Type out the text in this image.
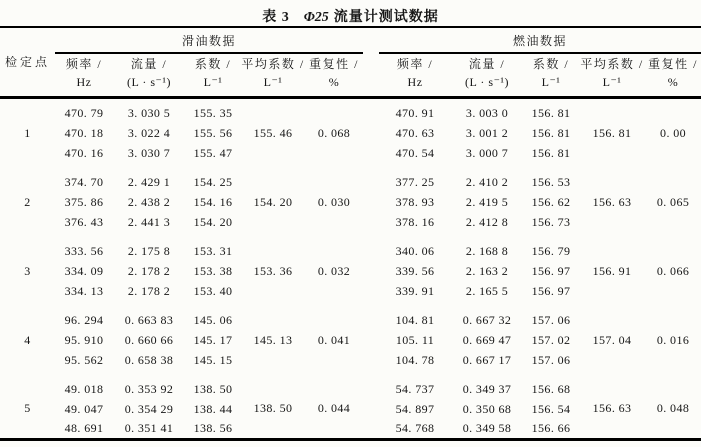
表 3 Φ25 流量计测试数据
检定点	滑油数据						燃油数据				
	频率 /	流量 /	系数 /	平均系数 /	重复性 /		频率 /	流量 /	系数 /	平均系数 /	重复性 /
	Hz	(L · s⁻¹)	L⁻¹	L⁻¹	%		Hz	(L · s⁻¹)	L⁻¹	L⁻¹	%

1	470. 79	3. 030 5	155. 35	155. 46	0. 068		470. 91	3. 003 0	156. 81	156. 81	0. 00
	470. 18	3. 022 4	155. 56				470. 63	3. 001 2	156. 81		
	470. 16	3. 030 7	155. 47				470. 54	3. 000 7	156. 81		

2	374. 70	2. 429 1	154. 25	154. 20	0. 030		377. 25	2. 410 2	156. 53	156. 63	0. 065
	375. 86	2. 438 2	154. 16				378. 93	2. 419 5	156. 62		
	376. 43	2. 441 3	154. 20				378. 16	2. 412 8	156. 73		

3	333. 56	2. 175 8	153. 31	153. 36	0. 032		340. 06	2. 168 8	156. 79	156. 91	0. 066
	334. 09	2. 178 2	153. 38				339. 56	2. 163 2	156. 97		
	334. 13	2. 178 2	153. 40				339. 91	2. 165 5	156. 97		

4	96. 294	0. 663 83	145. 06	145. 13	0. 041		104. 81	0. 667 32	157. 06	157. 04	0. 016
	95. 910	0. 660 66	145. 17				105. 11	0. 669 47	157. 02		
	95. 562	0. 658 38	145. 15				104. 78	0. 667 17	157. 06		

5	49. 018	0. 353 92	138. 50	138. 50	0. 044		54. 737	0. 349 37	156. 68	156. 63	0. 048
	49. 047	0. 354 29	138. 44				54. 897	0. 350 68	156. 54		
	48. 691	0. 351 41	138. 56				54. 768	0. 349 58	156. 66		
